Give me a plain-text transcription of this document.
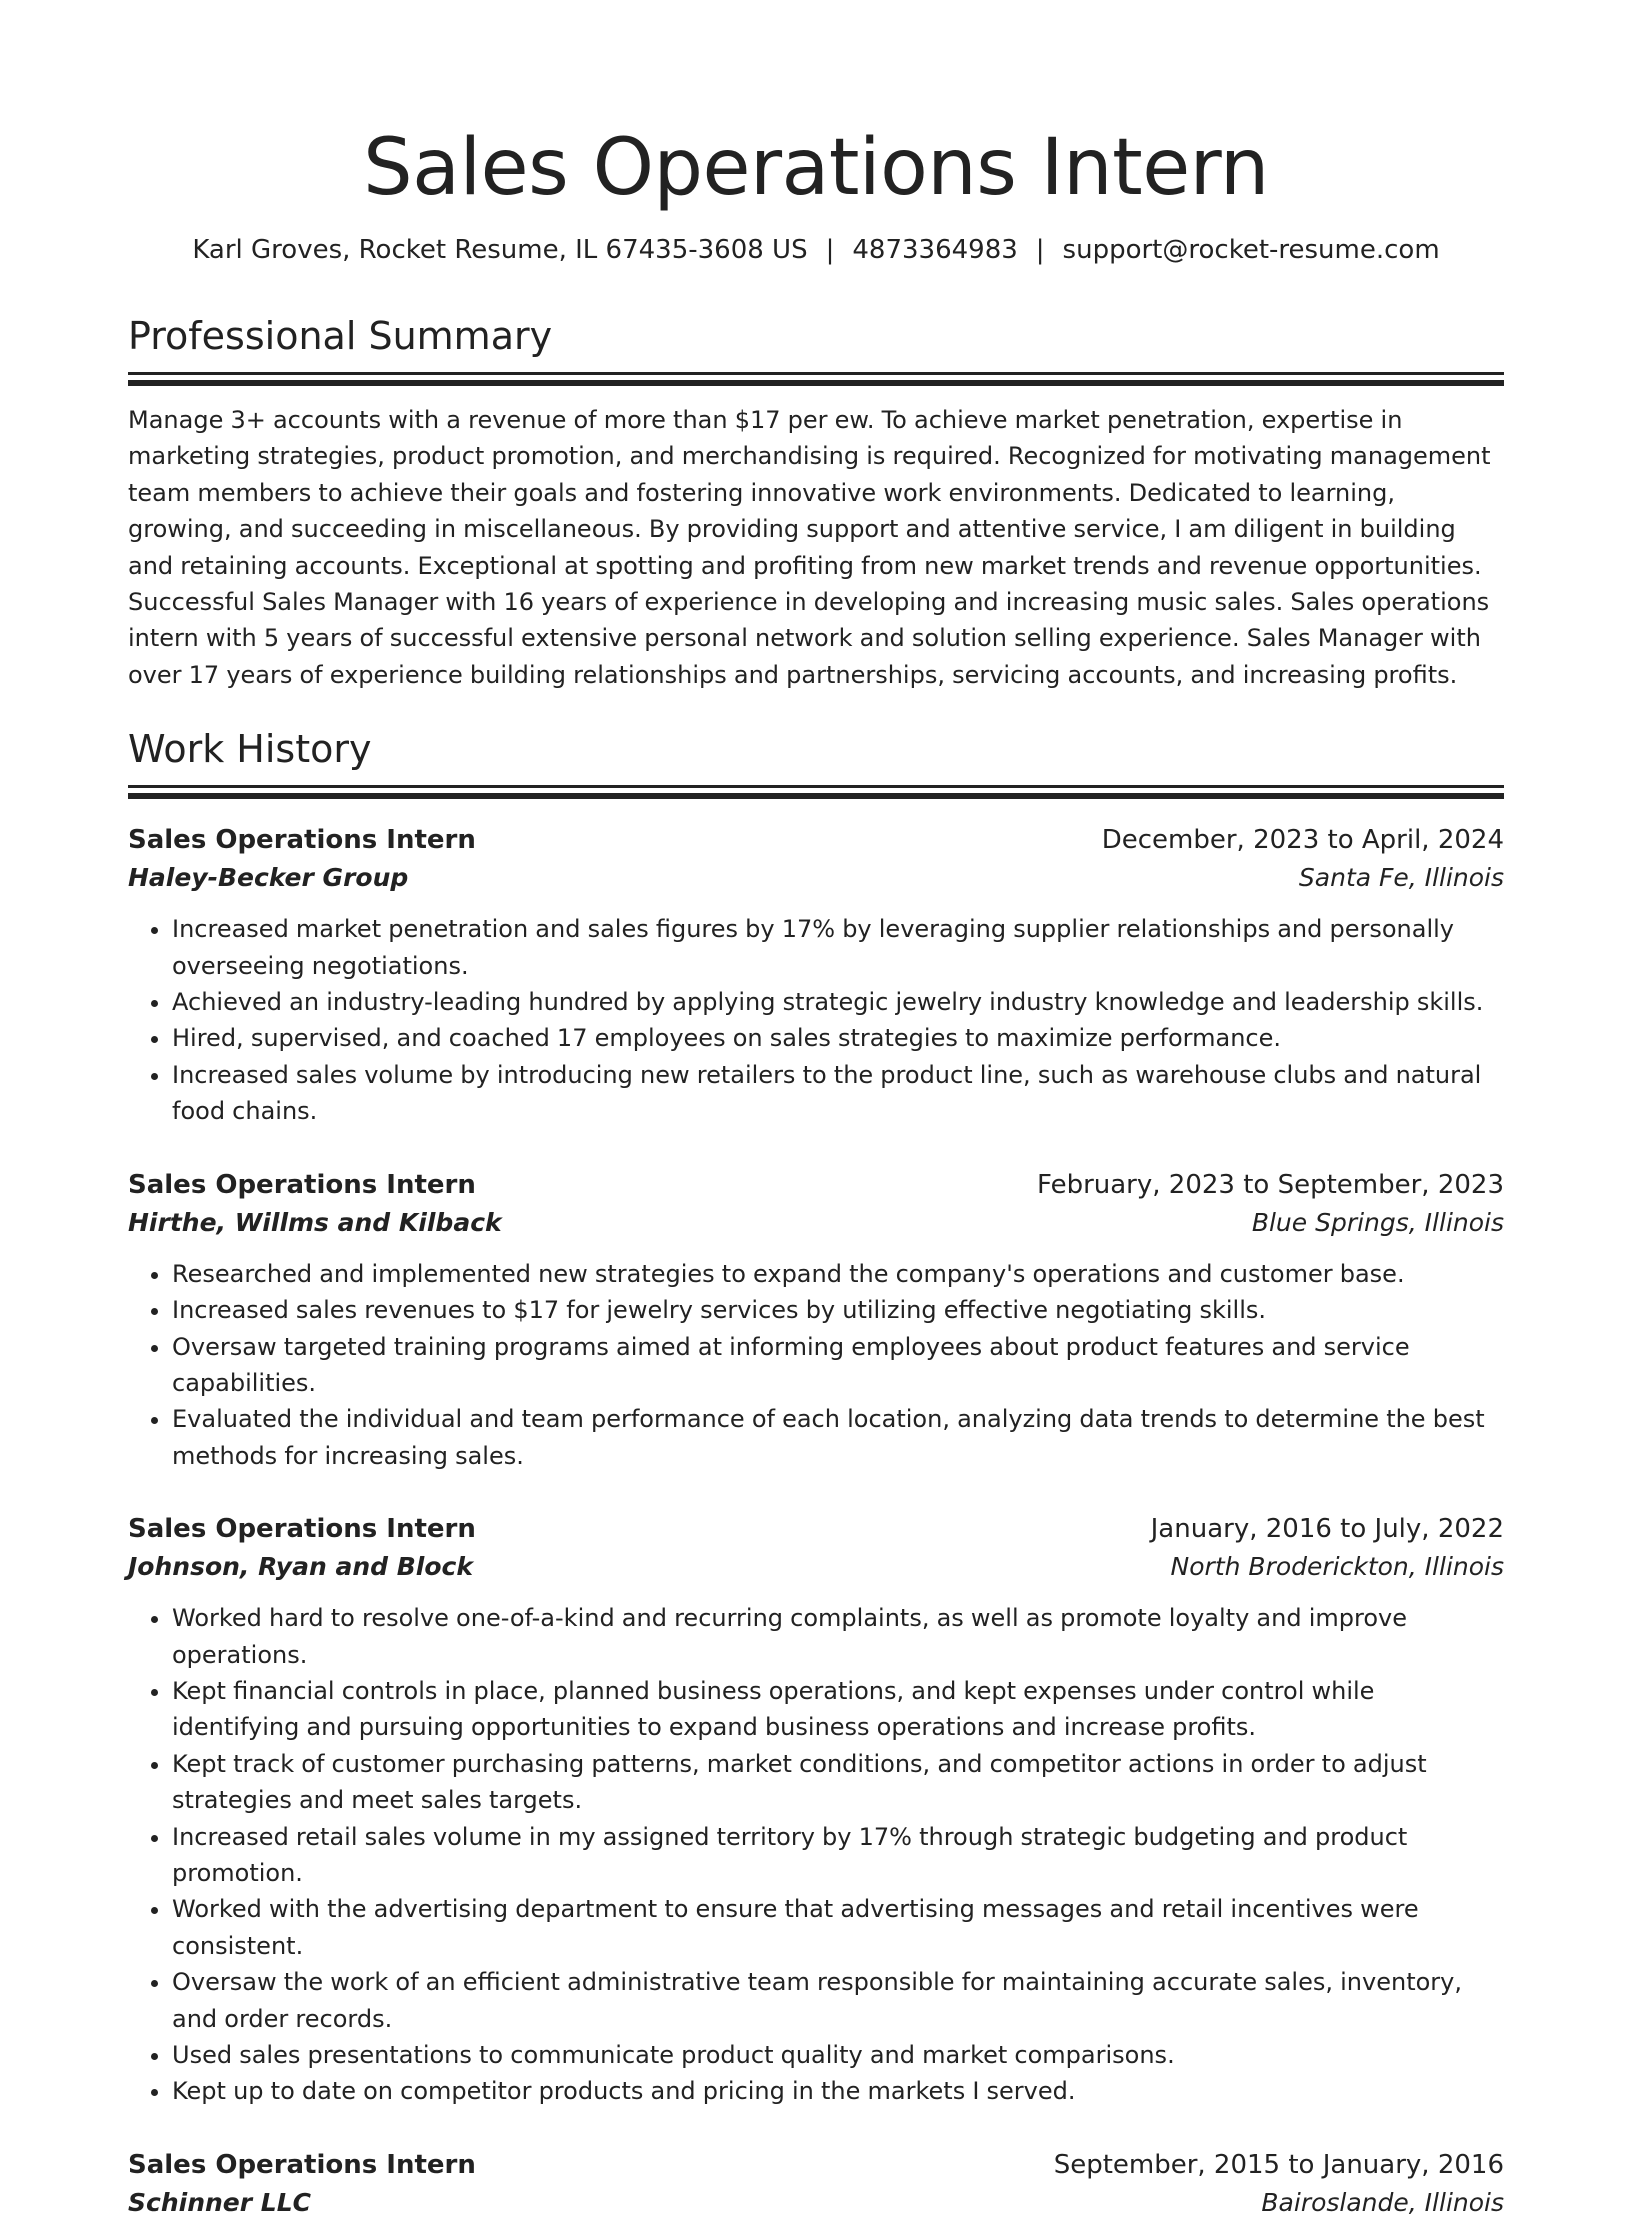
Sales Operations Intern
Karl Groves, Rocket Resume, IL 67435-3608 US | 4873364983 | support@rocket-resume.com
Professional Summary

Manage 3+ accounts with a revenue of more than $17 per ew. To achieve market penetration, expertise in marketing strategies, product promotion, and merchandising is required. Recognized for motivating management team members to achieve their goals and fostering innovative work environments. Dedicated to learning, growing, and succeeding in miscellaneous. By providing support and attentive service, I am diligent in building and retaining accounts. Exceptional at spotting and profiting from new market trends and revenue opportunities. Successful Sales Manager with 16 years of experience in developing and increasing music sales. Sales operations intern with 5 years of successful extensive personal network and solution selling experience. Sales Manager with over 17 years of experience building relationships and partnerships, servicing accounts, and increasing profits.

Work History
Sales Operations Intern	December, 2023 to April, 2024
Haley-Becker Group	Santa Fe, Illinois
• Increased market penetration and sales figures by 17% by leveraging supplier relationships and personally overseeing negotiations.
• Achieved an industry-leading hundred by applying strategic jewelry industry knowledge and leadership skills.
• Hired, supervised, and coached 17 employees on sales strategies to maximize performance.
• Increased sales volume by introducing new retailers to the product line, such as warehouse clubs and natural food chains.
Sales Operations Intern	February, 2023 to September, 2023
Hirthe, Willms and Kilback	Blue Springs, Illinois
• Researched and implemented new strategies to expand the company's operations and customer base.
• Increased sales revenues to $17 for jewelry services by utilizing effective negotiating skills.
• Oversaw targeted training programs aimed at informing employees about product features and service capabilities.
• Evaluated the individual and team performance of each location, analyzing data trends to determine the best methods for increasing sales.
Sales Operations Intern	January, 2016 to July, 2022
Johnson, Ryan and Block	North Broderickton, Illinois
• Worked hard to resolve one-of-a-kind and recurring complaints, as well as promote loyalty and improve operations.
• Kept financial controls in place, planned business operations, and kept expenses under control while identifying and pursuing opportunities to expand business operations and increase profits.
• Kept track of customer purchasing patterns, market conditions, and competitor actions in order to adjust strategies and meet sales targets.
• Increased retail sales volume in my assigned territory by 17% through strategic budgeting and product promotion.
• Worked with the advertising department to ensure that advertising messages and retail incentives were consistent.
• Oversaw the work of an efficient administrative team responsible for maintaining accurate sales, inventory, and order records.
• Used sales presentations to communicate product quality and market comparisons.
• Kept up to date on competitor products and pricing in the markets I served.
Sales Operations Intern	September, 2015 to January, 2016
Schinner LLC	Bairoslande, Illinois
